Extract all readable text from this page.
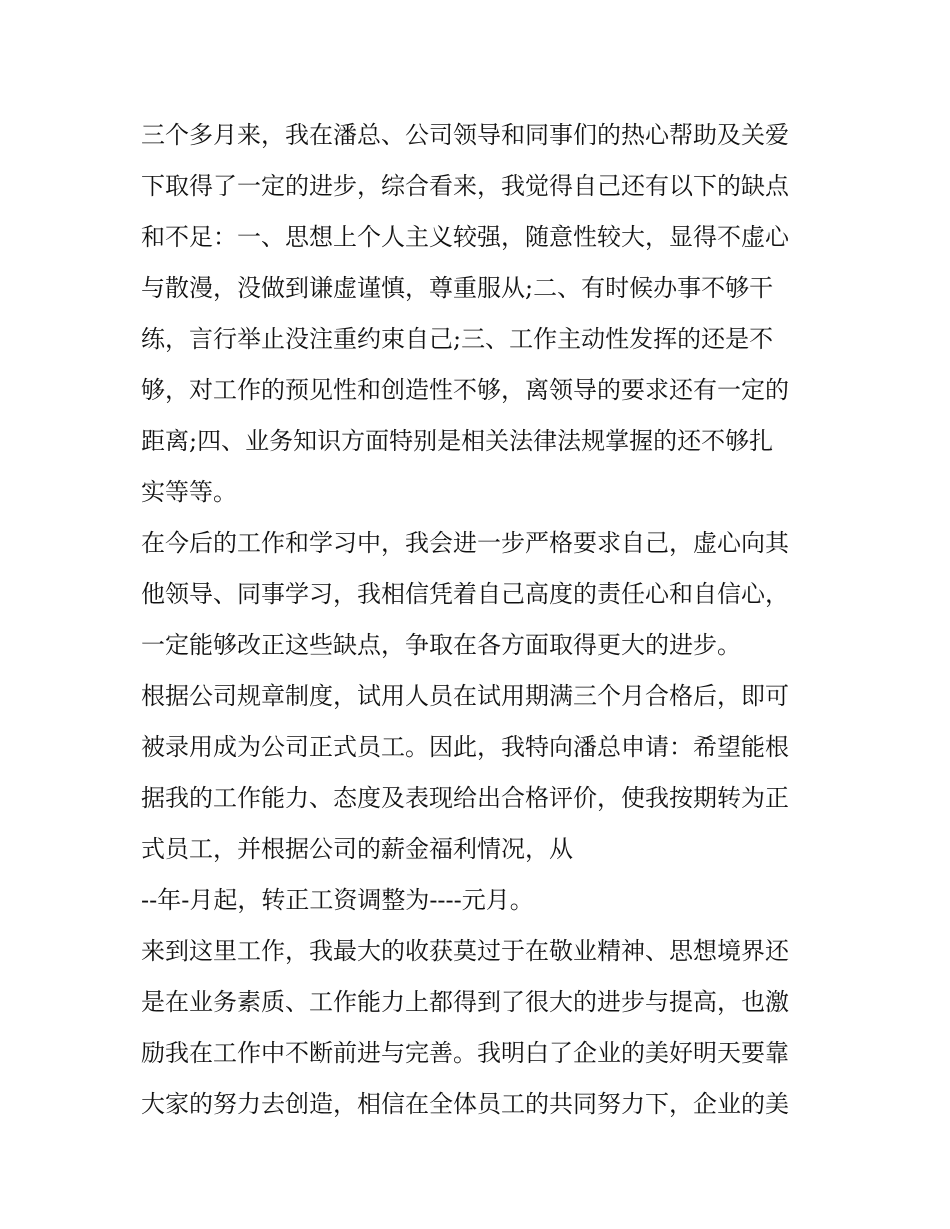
三个多月来，我在潘总、公司领导和同事们的热心帮助及关爱
下取得了一定的进步，综合看来，我觉得自己还有以下的缺点
和不足：一、思想上个人主义较强，随意性较大，显得不虚心
与散漫，没做到谦虚谨慎，尊重服从;二、有时候办事不够干
练，言行举止没注重约束自己;三、工作主动性发挥的还是不
够，对工作的预见性和创造性不够，离领导的要求还有一定的
距离;四、业务知识方面特别是相关法律法规掌握的还不够扎
实等等。
在今后的工作和学习中，我会进一步严格要求自己，虚心向其
他领导、同事学习，我相信凭着自己高度的责任心和自信心，
一定能够改正这些缺点，争取在各方面取得更大的进步。
根据公司规章制度，试用人员在试用期满三个月合格后，即可
被录用成为公司正式员工。因此，我特向潘总申请：希望能根
据我的工作能力、态度及表现给出合格评价，使我按期转为正
式员工，并根据公司的薪金福利情况，从
--年-月起，转正工资调整为----元月。
来到这里工作，我最大的收获莫过于在敬业精神、思想境界还
是在业务素质、工作能力上都得到了很大的进步与提高，也激
励我在工作中不断前进与完善。我明白了企业的美好明天要靠
大家的努力去创造，相信在全体员工的共同努力下，企业的美
